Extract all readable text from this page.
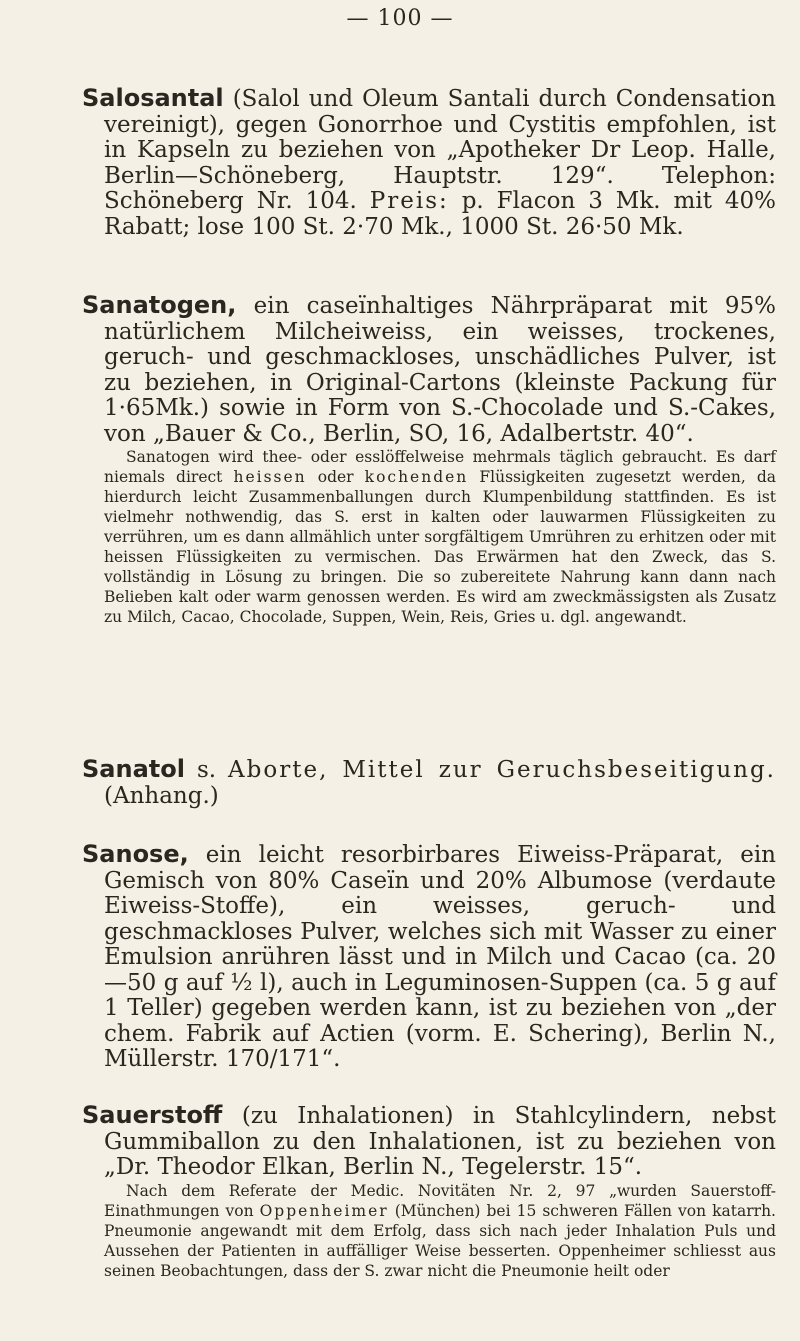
— 100 —

Salosantal (Salol und Oleum Santali durch Condensation vereinigt), gegen Gonorrhoe und Cystitis empfohlen, ist in Kapseln zu beziehen von „Apotheker Dr Leop. Halle, Berlin—Schöneberg, Hauptstr. 129“. Telephon: Schöneberg Nr. 104. Preis: p. Flacon 3 Mk. mit 40% Rabatt; lose 100 St. 2·70 Mk., 1000 St. 26·50 Mk.

Sanatogen, ein caseïnhaltiges Nährpräparat mit 95% natürlichem Milcheiweiss, ein weisses, trockenes, geruch- und geschmackloses, unschädliches Pulver, ist zu beziehen, in Original-Cartons (kleinste Packung für 1·65Mk.) sowie in Form von S.-Chocolade und S.-Cakes, von „Bauer & Co., Berlin, SO, 16, Adalbertstr. 40“.

Sanatogen wird thee- oder esslöffelweise mehrmals täglich gebraucht. Es darf niemals direct heissen oder kochenden Flüssigkeiten zugesetzt werden, da hierdurch leicht Zusammenballungen durch Klumpenbildung stattfinden. Es ist vielmehr nothwendig, das S. erst in kalten oder lauwarmen Flüssigkeiten zu verrühren, um es dann allmählich unter sorgfältigem Umrühren zu erhitzen oder mit heissen Flüssigkeiten zu vermischen. Das Erwärmen hat den Zweck, das S. vollständig in Lösung zu bringen. Die so zubereitete Nahrung kann dann nach Belieben kalt oder warm genossen werden. Es wird am zweckmässigsten als Zusatz zu Milch, Cacao, Chocolade, Suppen, Wein, Reis, Gries u. dgl. angewandt.

Sanatol s. Aborte, Mittel zur Geruchsbeseitigung. (Anhang.)

Sanose, ein leicht resorbirbares Eiweiss-Präparat, ein Gemisch von 80% Caseïn und 20% Albumose (verdaute Eiweiss-Stoffe), ein weisses, geruch- und geschmackloses Pulver, welches sich mit Wasser zu einer Emulsion anrühren lässt und in Milch und Cacao (ca. 20—50 g auf ½ l), auch in Leguminosen-Suppen (ca. 5 g auf 1 Teller) gegeben werden kann, ist zu beziehen von „der chem. Fabrik auf Actien (vorm. E. Schering), Berlin N., Müllerstr. 170/171“.

Sauerstoff (zu Inhalationen) in Stahlcylindern, nebst Gummiballon zu den Inhalationen, ist zu beziehen von „Dr. Theodor Elkan, Berlin N., Tegelerstr. 15“.

Nach dem Referate der Medic. Novitäten Nr. 2, 97 „wurden Sauerstoff-Einathmungen von Oppenheimer (München) bei 15 schweren Fällen von katarrh. Pneumonie angewandt mit dem Erfolg, dass sich nach jeder Inhalation Puls und Aussehen der Patienten in auffälliger Weise besserten. Oppenheimer schliesst aus seinen Beobachtungen, dass der S. zwar nicht die Pneumonie heilt oder
